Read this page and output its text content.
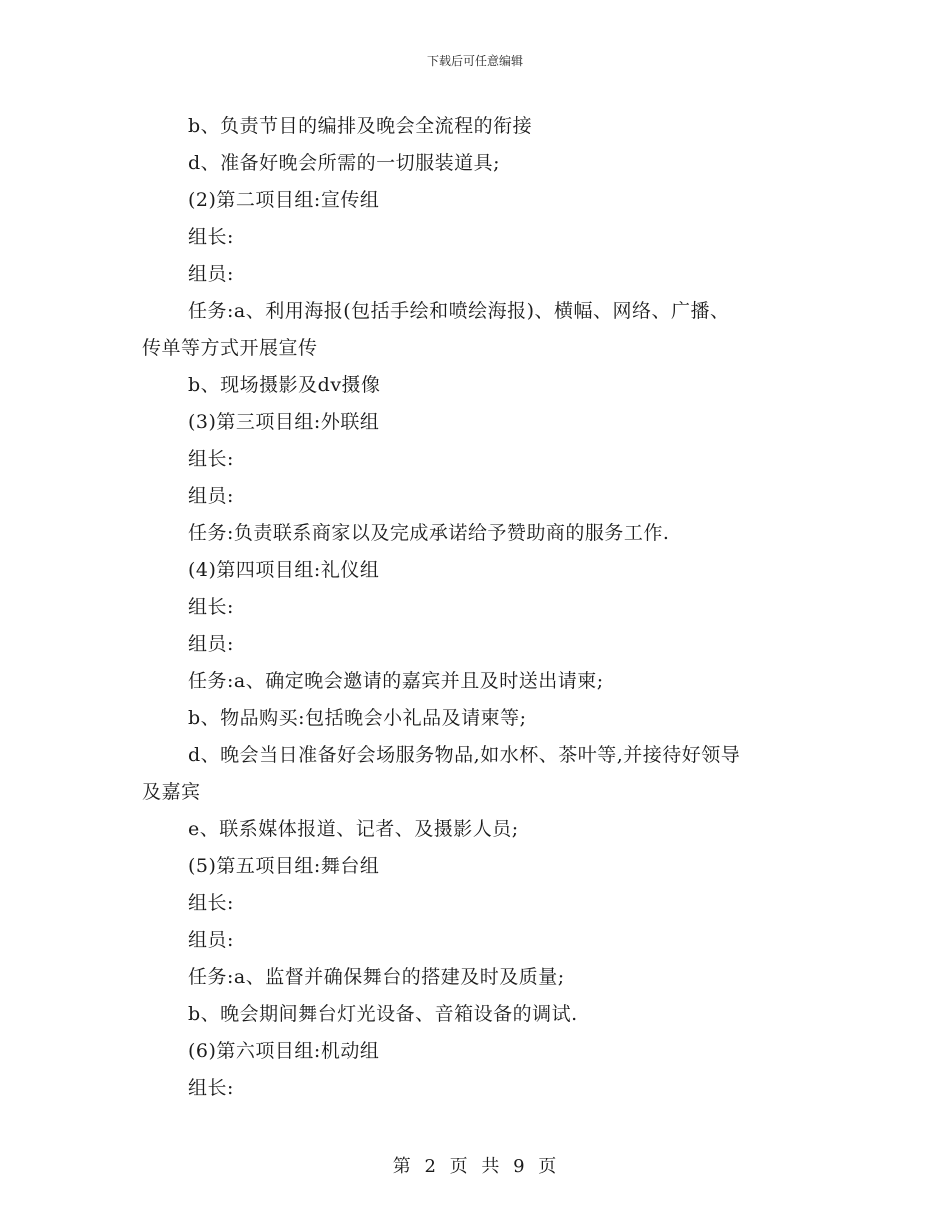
下载后可任意编辑
b、负责节目的编排及晚会全流程的衔接
d、准备好晚会所需的一切服装道具;
(2)第二项目组:宣传组
组长:
组员:
任务:a、利用海报(包括手绘和喷绘海报)、横幅、网络、广播、
传单等方式开展宣传
b、现场摄影及dv摄像
(3)第三项目组:外联组
组长:
组员:
任务:负责联系商家以及完成承诺给予赞助商的服务工作.
(4)第四项目组:礼仪组
组长:
组员:
任务:a、确定晚会邀请的嘉宾并且及时送出请柬;
b、物品购买:包括晚会小礼品及请柬等;
d、晚会当日准备好会场服务物品,如水杯、茶叶等,并接待好领导
及嘉宾
e、联系媒体报道、记者、及摄影人员;
(5)第五项目组:舞台组
组长:
组员:
任务:a、监督并确保舞台的搭建及时及质量;
b、晚会期间舞台灯光设备、音箱设备的调试.
(6)第六项目组:机动组
组长:
第 2 页 共 9 页
